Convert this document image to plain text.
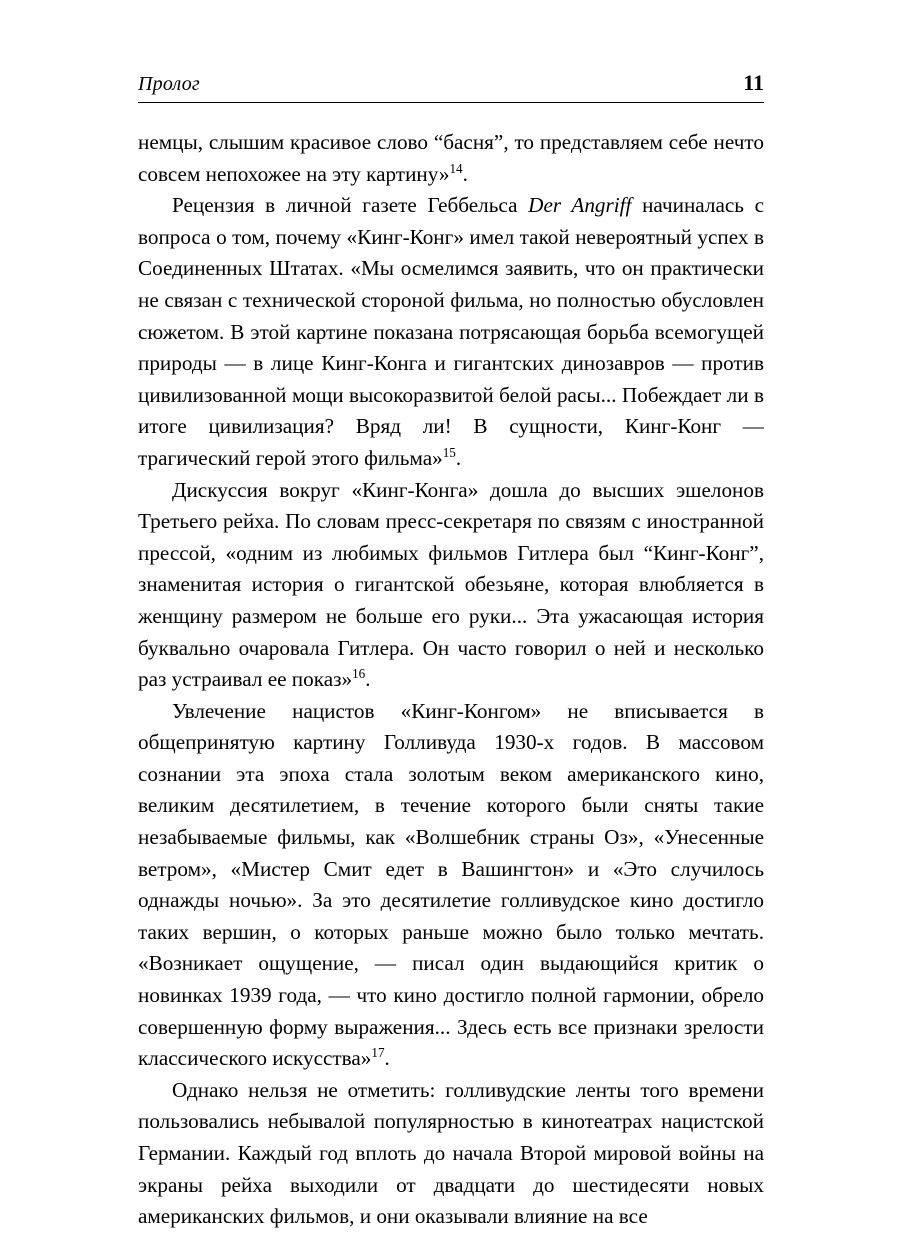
Пролог	11

немцы, слышим красивое слово “басня”, то представляем себе нечто совсем непохожее на эту картину»$^{14}$.

Рецензия в личной газете Геббельса Der Angriff начиналась с вопроса о том, почему «Кинг-Конг» имел такой невероятный успех в Соединенных Штатах. «Мы осмелимся заявить, что он практически не связан с технической стороной фильма, но полностью обусловлен сюжетом. В этой картине показана потрясающая борьба всемогущей природы — в лице Кинг-Конга и гигантских динозавров — против цивилизованной мощи высокоразвитой белой расы... Побеждает ли в итоге цивилизация? Вряд ли! В сущности, Кинг-Конг — трагический герой этого фильма»$^{15}$.

Дискуссия вокруг «Кинг-Конга» дошла до высших эшелонов Третьего рейха. По словам пресс-секретаря по связям с иностранной прессой, «одним из любимых фильмов Гитлера был “Кинг-Конг”, знаменитая история о гигантской обезьяне, которая влюбляется в женщину размером не больше его руки... Эта ужасающая история буквально очаровала Гитлера. Он часто говорил о ней и несколько раз устраивал ее показ»$^{16}$.

Увлечение нацистов «Кинг-Конгом» не вписывается в общепринятую картину Голливуда 1930-х годов. В массовом сознании эта эпоха стала золотым веком американского кино, великим десятилетием, в течение которого были сняты такие незабываемые фильмы, как «Волшебник страны Оз», «Унесенные ветром», «Мистер Смит едет в Вашингтон» и «Это случилось однажды ночью». За это десятилетие голливудское кино достигло таких вершин, о которых раньше можно было только мечтать. «Возникает ощущение, — писал один выдающийся критик о новинках 1939 года, — что кино достигло полной гармонии, обрело совершенную форму выражения... Здесь есть все признаки зрелости классического искусства»$^{17}$.

Однако нельзя не отметить: голливудские ленты того времени пользовались небывалой популярностью в кинотеатрах нацистской Германии. Каждый год вплоть до начала Второй мировой войны на экраны рейха выходили от двадцати до шестидесяти новых американских фильмов, и они оказывали влияние на все
